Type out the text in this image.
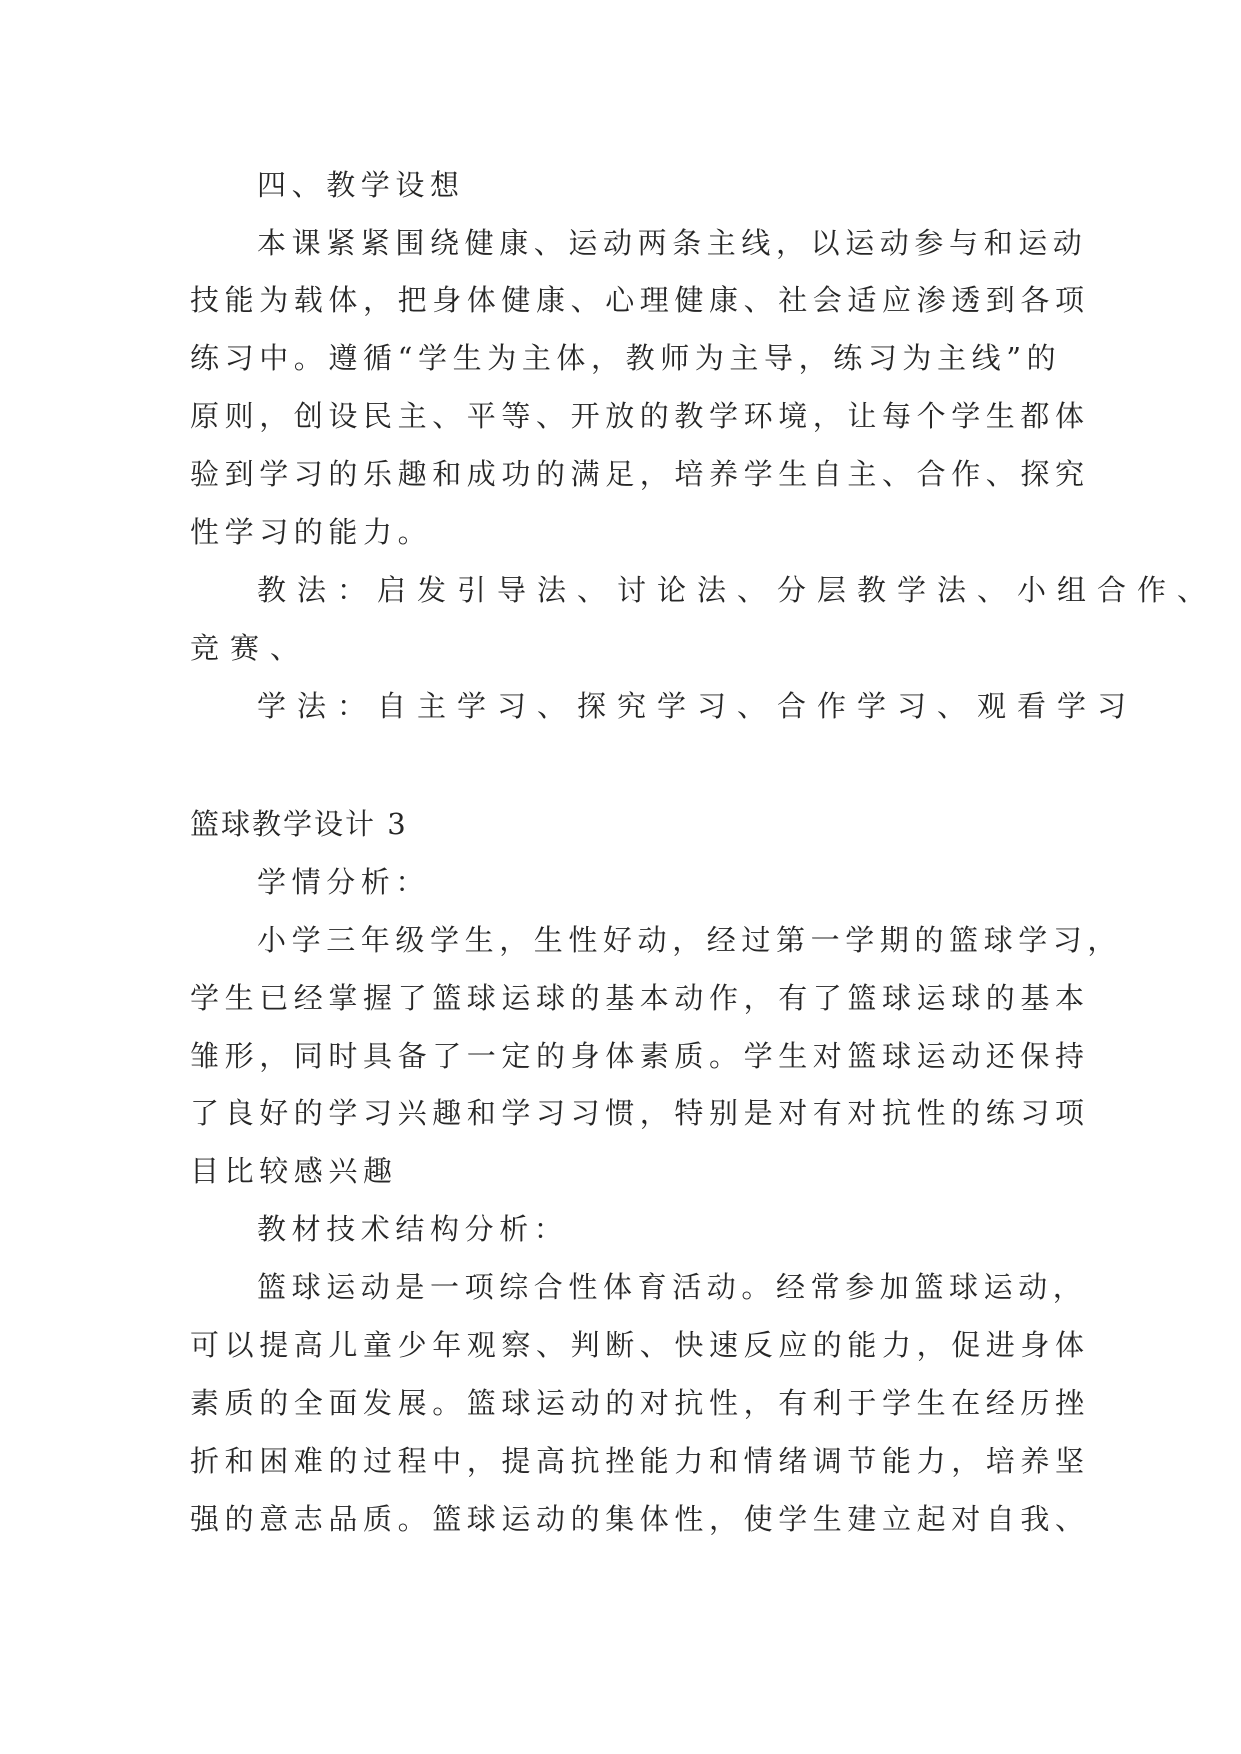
四、教学设想
本课紧紧围绕健康、运动两条主线，以运动参与和运动
技能为载体，把身体健康、心理健康、社会适应渗透到各项
练习中。遵循“学生为主体，教师为主导，练习为主线”的
原则，创设民主、平等、开放的教学环境，让每个学生都体
验到学习的乐趣和成功的满足，培养学生自主、合作、探究
性学习的能力。
教法：启发引导法、讨论法、分层教学法、小组合作、
竞赛、
学法：自主学习、探究学习、合作学习、观看学习
篮球教学设计 3
学情分析：
小学三年级学生，生性好动，经过第一学期的篮球学习，
学生已经掌握了篮球运球的基本动作，有了篮球运球的基本
雏形，同时具备了一定的身体素质。学生对篮球运动还保持
了良好的学习兴趣和学习习惯，特别是对有对抗性的练习项
目比较感兴趣
教材技术结构分析：
篮球运动是一项综合性体育活动。经常参加篮球运动，
可以提高儿童少年观察、判断、快速反应的能力，促进身体
素质的全面发展。篮球运动的对抗性，有利于学生在经历挫
折和困难的过程中，提高抗挫能力和情绪调节能力，培养坚
强的意志品质。篮球运动的集体性，使学生建立起对自我、
